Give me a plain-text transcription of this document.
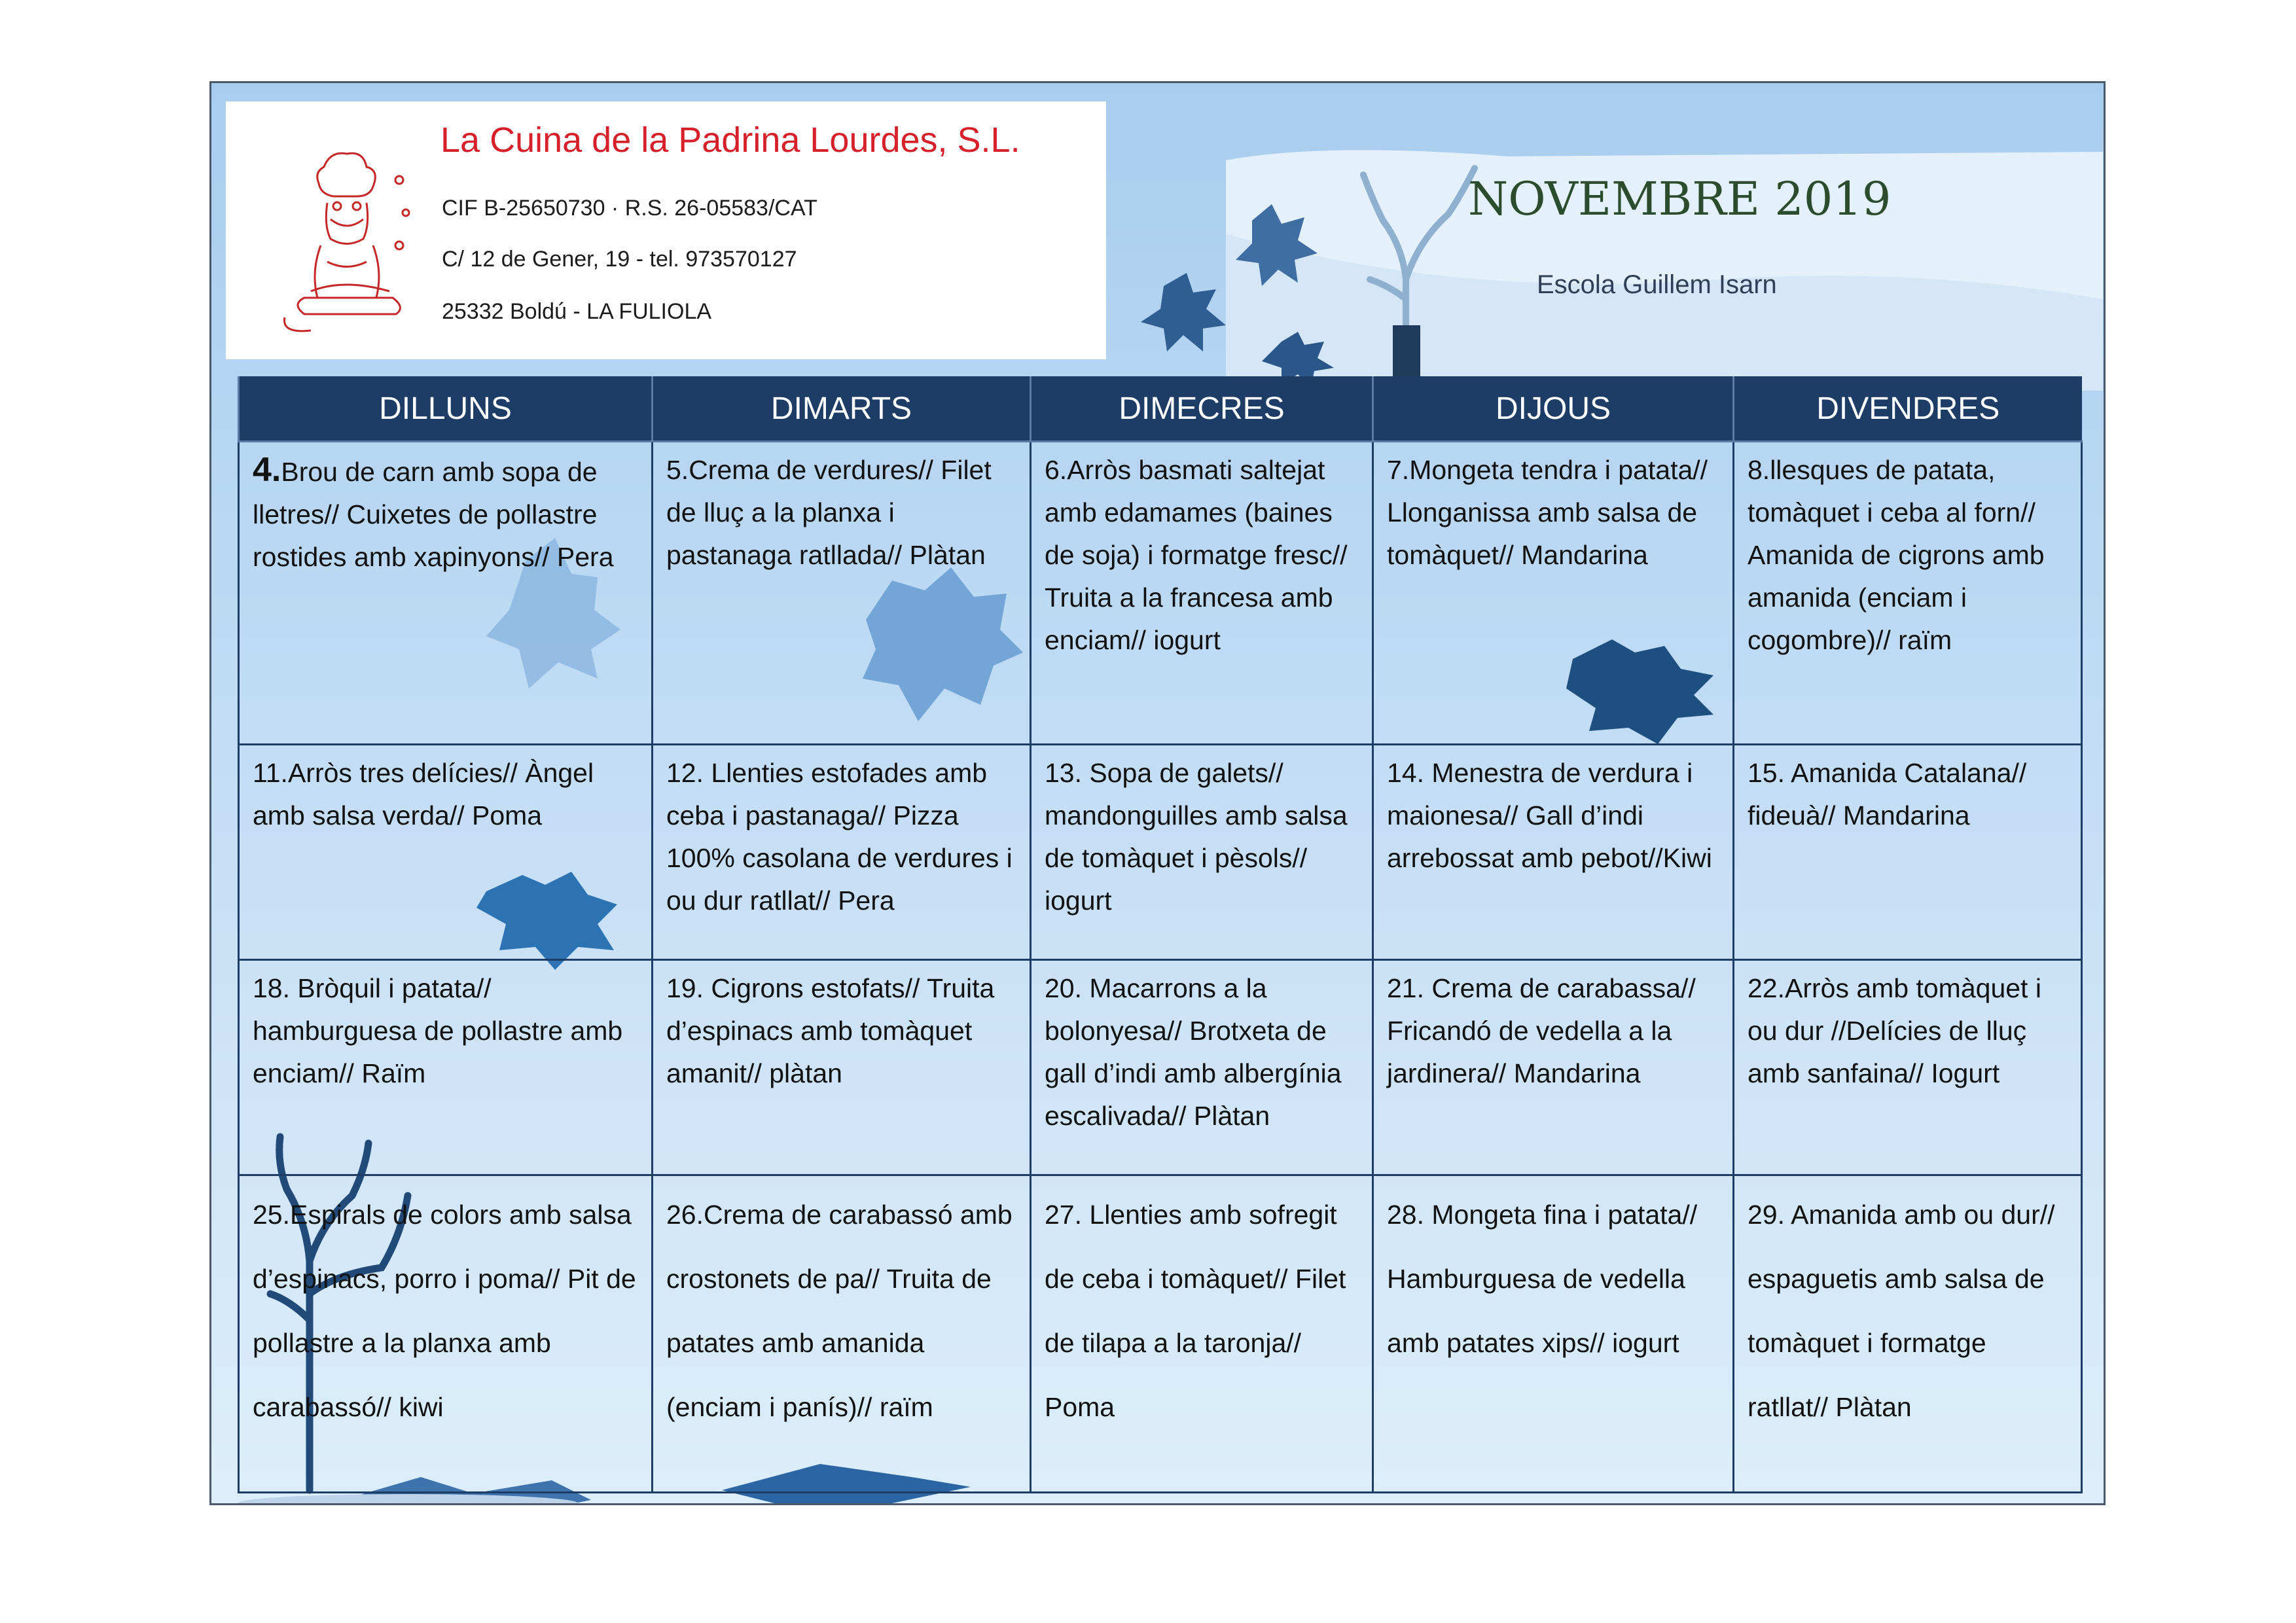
La Cuina de la Padrina Lourdes, S.L.
CIF B-25650730 · R.S. 26-05583/CAT
C/ 12 de Gener, 19 - tel. 973570127
25332 Boldú - LA FULIOLA
NOVEMBRE 2019
Escola Guillem Isarn
DILLUNS	DIMARTS	DIMECRES	DIJOUS	DIVENDRES
4.Brou de carn amb sopa de lletres// Cuixetes de pollastre rostides amb xapinyons// Pera	5.Crema de verdures// Filet de lluç a la planxa i pastanaga ratllada// Plàtan	6.Arròs basmati saltejat amb edamames (baines de soja) i formatge fresc// Truita a la francesa amb enciam// iogurt	7.Mongeta tendra i patata// Llonganissa amb salsa de tomàquet// Mandarina	8.llesques de patata, tomàquet i ceba al forn// Amanida de cigrons amb amanida (enciam i cogombre)// raïm
11.Arròs tres delícies// Àngel amb salsa verda// Poma	12. Llenties estofades amb ceba i pastanaga// Pizza 100% casolana de verdures i ou dur ratllat// Pera	13. Sopa de galets// mandonguilles amb salsa de tomàquet i pèsols// iogurt	14. Menestra de verdura i maionesa// Gall d’indi arrebossat amb pebot//Kiwi	15. Amanida Catalana// fideuà// Mandarina
18. Bròquil i patata// hamburguesa de pollastre amb enciam// Raïm	19. Cigrons estofats// Truita d’espinacs amb tomàquet amanit// plàtan	20. Macarrons a la bolonyesa// Brotxeta de gall d’indi amb albergínia escalivada// Plàtan	21. Crema de carabassa// Fricandó de vedella a la jardinera// Mandarina	22.Arròs amb tomàquet i ou dur //Delícies de lluç amb sanfaina// Iogurt
25.Espirals de colors amb salsa d’espinacs, porro i poma// Pit de pollastre a la planxa amb carabassó// kiwi	26.Crema de carabassó amb crostonets de pa// Truita de patates amb amanida (enciam i panís)// raïm	27. Llenties amb sofregit de ceba i tomàquet// Filet de tilapa a la taronja// Poma	28. Mongeta fina i patata// Hamburguesa de vedella amb patates xips// iogurt	29. Amanida amb ou dur// espaguetis amb salsa de tomàquet i formatge ratllat// Plàtan
